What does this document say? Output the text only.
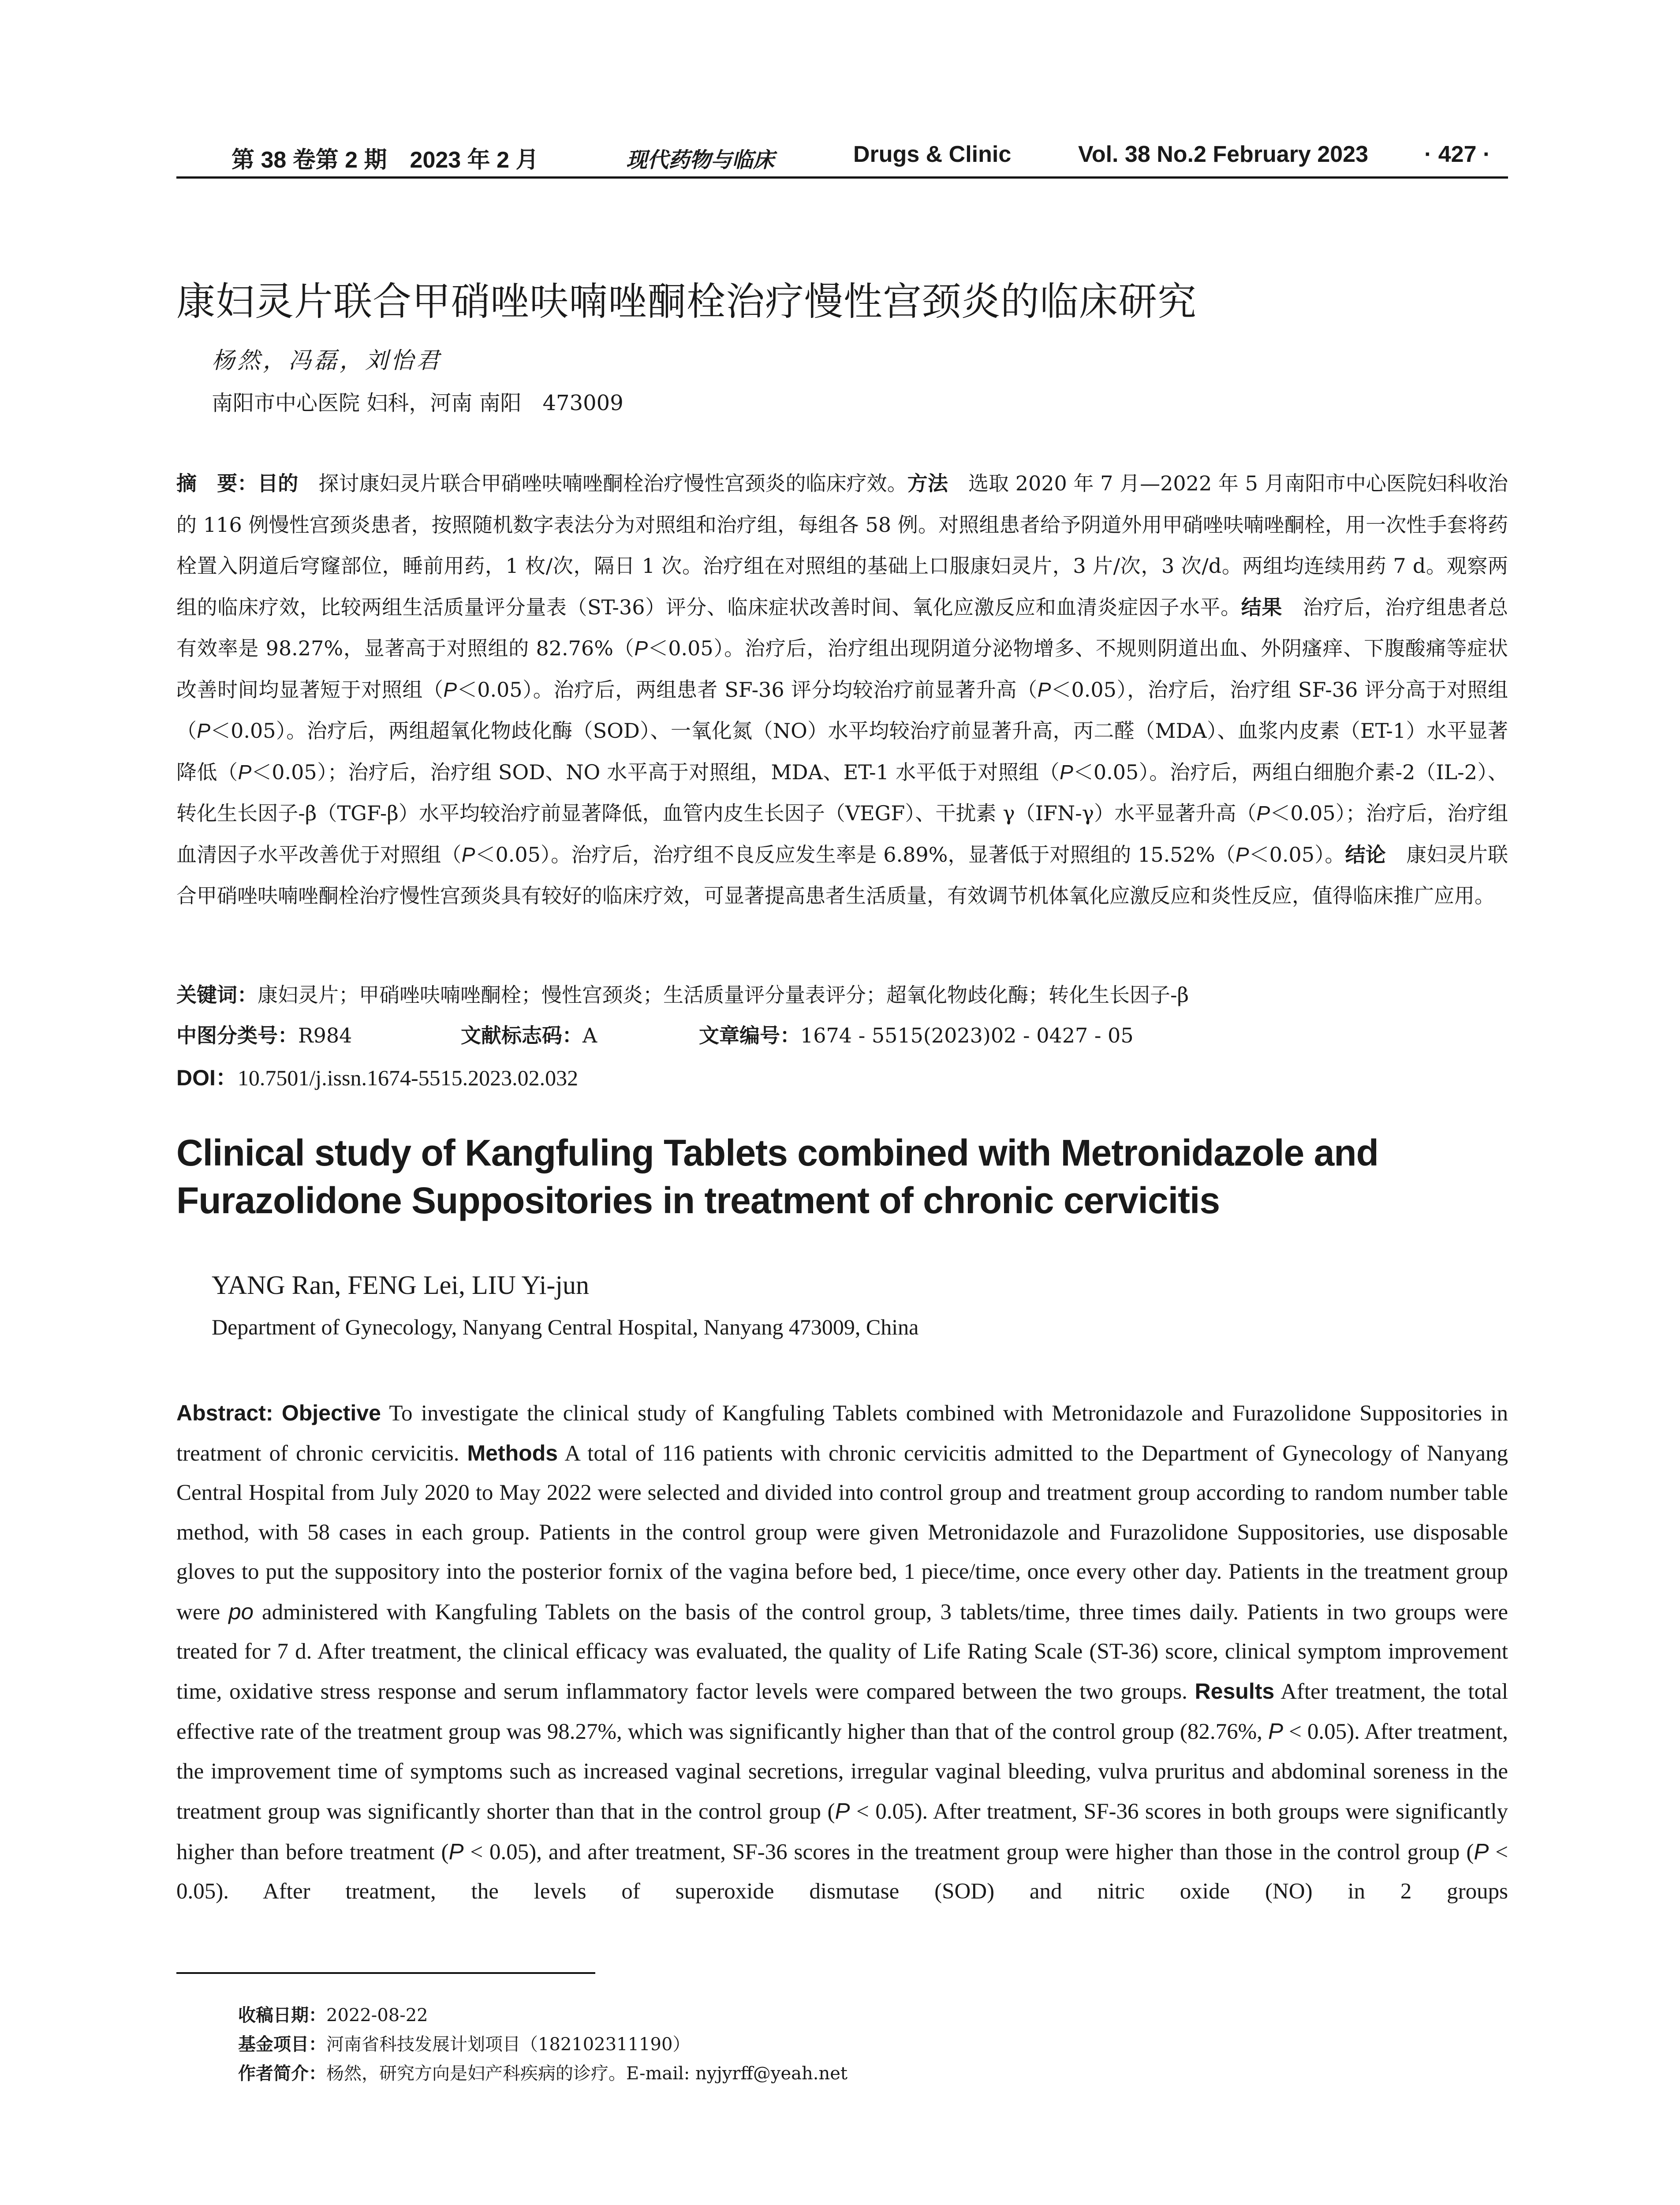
第 38 卷第 2 期　2023 年 2 月	现代药物与临床	Drugs & Clinic	Vol. 38 No.2 February 2023 · 427 ·
康妇灵片联合甲硝唑呋喃唑酮栓治疗慢性宫颈炎的临床研究
杨然，冯磊，刘怡君
南阳市中心医院 妇科，河南 南阳　473009

摘　要：目的　 探讨康妇灵片联合甲硝唑呋喃唑酮栓治疗慢性宫颈炎的临床疗效。方法　 选取 2020 年 7 月—2022 年 5 月南阳市中心医院妇科收治的 116 例慢性宫颈炎患者，按照随机数字表法分为对照组和治疗组，每组各 58 例。对照组患者给予阴道外用甲硝唑呋喃唑酮栓，用一次性手套将药栓置入阴道后穹窿部位，睡前用药，1 枚/次，隔日 1 次。治疗组在对照组的基础上口服康妇灵片，3 片/次，3 次/d。两组均连续用药 7 d。观察两组的临床疗效，比较两组生活质量评分量表（ST-36）评分、临床症状改善时间、氧化应激反应和血清炎症因子水平。结果　 治疗后，治疗组患者总有效率是 98.27%，显著高于对照组的 82.76%（P＜0.05）。治疗后，治疗组出现阴道分泌物增多、不规则阴道出血、外阴瘙痒、下腹酸痛等症状改善时间均显著短于对照组（P＜0.05）。治疗后，两组患者 SF-36 评分均较治疗前显著升高（P＜0.05），治疗后，治疗组 SF-36 评分高于对照组（P＜0.05）。治疗后，两组超氧化物歧化酶（SOD）、一氧化氮（NO）水平均较治疗前显著升高，丙二醛（MDA）、血浆内皮素（ET-1）水平显著降低（P＜0.05）；治疗后，治疗组 SOD、NO 水平高于对照组，MDA、ET-1 水平低于对照组（P＜0.05）。治疗后，两组白细胞介素-2（IL-2）、转化生长因子-β（TGF-β）水平均较治疗前显著降低，血管内皮生长因子（VEGF）、干扰素 γ（IFN-γ）水平显著升高（P＜0.05）；治疗后，治疗组血清因子水平改善优于对照组（P＜0.05）。治疗后，治疗组不良反应发生率是 6.89%，显著低于对照组的 15.52%（P＜0.05）。结论　 康妇灵片联合甲硝唑呋喃唑酮栓治疗慢性宫颈炎具有较好的临床疗效，可显著提高患者生活质量，有效调节机体氧化应激反应和炎性反应，值得临床推广应用。

关键词：康妇灵片；甲硝唑呋喃唑酮栓；慢性宫颈炎；生活质量评分量表评分；超氧化物歧化酶；转化生长因子-β
中图分类号：R984	文献标志码：A	文章编号：1674 - 5515(2023)02 - 0427 - 05
DOI：10.7501/j.issn.1674-5515.2023.02.032
Clinical study of Kangfuling Tablets combined with Metronidazole and Furazolidone Suppositories in treatment of chronic cervicitis
YANG Ran, FENG Lei, LIU Yi-jun
Department of Gynecology, Nanyang Central Hospital, Nanyang 473009, China

Abstract: Objective To investigate the clinical study of Kangfuling Tablets combined with Metronidazole and Furazolidone Suppositories in treatment of chronic cervicitis. Methods A total of 116 patients with chronic cervicitis admitted to the Department of Gynecology of Nanyang Central Hospital from July 2020 to May 2022 were selected and divided into control group and treatment group according to random number table method, with 58 cases in each group. Patients in the control group were given Metronidazole and Furazolidone Suppositories, use disposable gloves to put the suppository into the posterior fornix of the vagina before bed, 1 piece/time, once every other day. Patients in the treatment group were po administered with Kangfuling Tablets on the basis of the control group, 3 tablets/time, three times daily. Patients in two groups were treated for 7 d. After treatment, the clinical efficacy was evaluated, the quality of Life Rating Scale (ST-36) score, clinical symptom improvement time, oxidative stress response and serum inflammatory factor levels were compared between the two groups. Results After treatment, the total effective rate of the treatment group was 98.27%, which was significantly higher than that of the control group (82.76%, P < 0.05). After treatment, the improvement time of symptoms such as increased vaginal secretions, irregular vaginal bleeding, vulva pruritus and abdominal soreness in the treatment group was significantly shorter than that in the control group (P < 0.05). After treatment, SF-36 scores in both groups were significantly higher than before treatment (P < 0.05), and after treatment, SF-36 scores in the treatment group were higher than those in the control group (P < 0.05). After treatment, the levels of superoxide dismutase (SOD) and nitric oxide (NO) in 2 groups

收稿日期：2022-08-22
基金项目：河南省科技发展计划项目（182102311190）
作者简介：杨然，研究方向是妇产科疾病的诊疗。E-mail: nyjyrff@yeah.net
